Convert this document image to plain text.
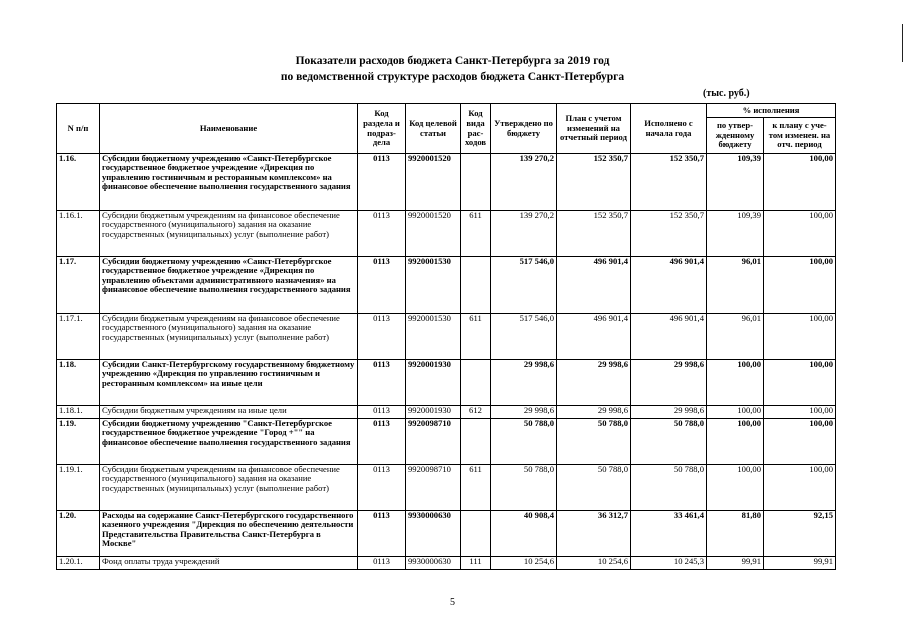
Показатели расходов бюджета Санкт-Петербурга за 2019 год
по ведомственной структуре расходов бюджета Санкт-Петербурга
(тыс. руб.)
N п/п	Наименование	Код раздела и подраз- дела	Код целевой статьи	Код вида рас- ходов	Утверждено по бюджету	План с учетом изменений на отчетный период	Исполнено с начала года	% исполнения	
								по утвер- жденному бюджету	к плану с уче- том изменен. на отч. период
1.16.	Субсидии бюджетному учреждению «Санкт-Петербургское государственное бюджетное учреждение «Дирекция по управлению гостиничным и ресторанным комплексом» на финансовое обеспечение выполнения государственного задания	0113	9920001520		139 270,2	152 350,7	152 350,7	109,39	100,00
1.16.1.	Субсидии бюджетным учреждениям на финансовое обеспечение государственного (муниципального) задания на оказание государственных (муниципальных) услуг (выполнение работ)	0113	9920001520	611	139 270,2	152 350,7	152 350,7	109,39	100,00
1.17.	Субсидии бюджетному учреждению «Санкт-Петербургское государственное бюджетное учреждение «Дирекция по управлению объектами административного назначения» на финансовое обеспечение выполнения государственного задания	0113	9920001530		517 546,0	496 901,4	496 901,4	96,01	100,00
1.17.1.	Субсидии бюджетным учреждениям на финансовое обеспечение государственного (муниципального) задания на оказание государственных (муниципальных) услуг (выполнение работ)	0113	9920001530	611	517 546,0	496 901,4	496 901,4	96,01	100,00
1.18.	Субсидии Санкт-Петербургскому государственному бюджетному учреждению «Дирекция по управлению гостиничным и ресторанным комплексом» на иные цели	0113	9920001930		29 998,6	29 998,6	29 998,6	100,00	100,00
1.18.1.	Субсидии бюджетным учреждениям на иные цели	0113	9920001930	612	29 998,6	29 998,6	29 998,6	100,00	100,00
1.19.	Субсидии бюджетному учреждению "Санкт-Петербургское государственное бюджетное учреждение "Город +"" на финансовое обеспечение выполнения государственного задания	0113	9920098710		50 788,0	50 788,0	50 788,0	100,00	100,00
1.19.1.	Субсидии бюджетным учреждениям на финансовое обеспечение государственного (муниципального) задания на оказание государственных (муниципальных) услуг (выполнение работ)	0113	9920098710	611	50 788,0	50 788,0	50 788,0	100,00	100,00
1.20.	Расходы на содержание Санкт-Петербургского государственного казенного учреждения "Дирекция по обеспечению деятельности Представительства Правительства Санкт-Петербурга в Москве"	0113	9930000630		40 908,4	36 312,7	33 461,4	81,80	92,15
1.20.1.	Фонд оплаты труда учреждений	0113	9930000630	111	10 254,6	10 254,6	10 245,3	99,91	99,91
5
